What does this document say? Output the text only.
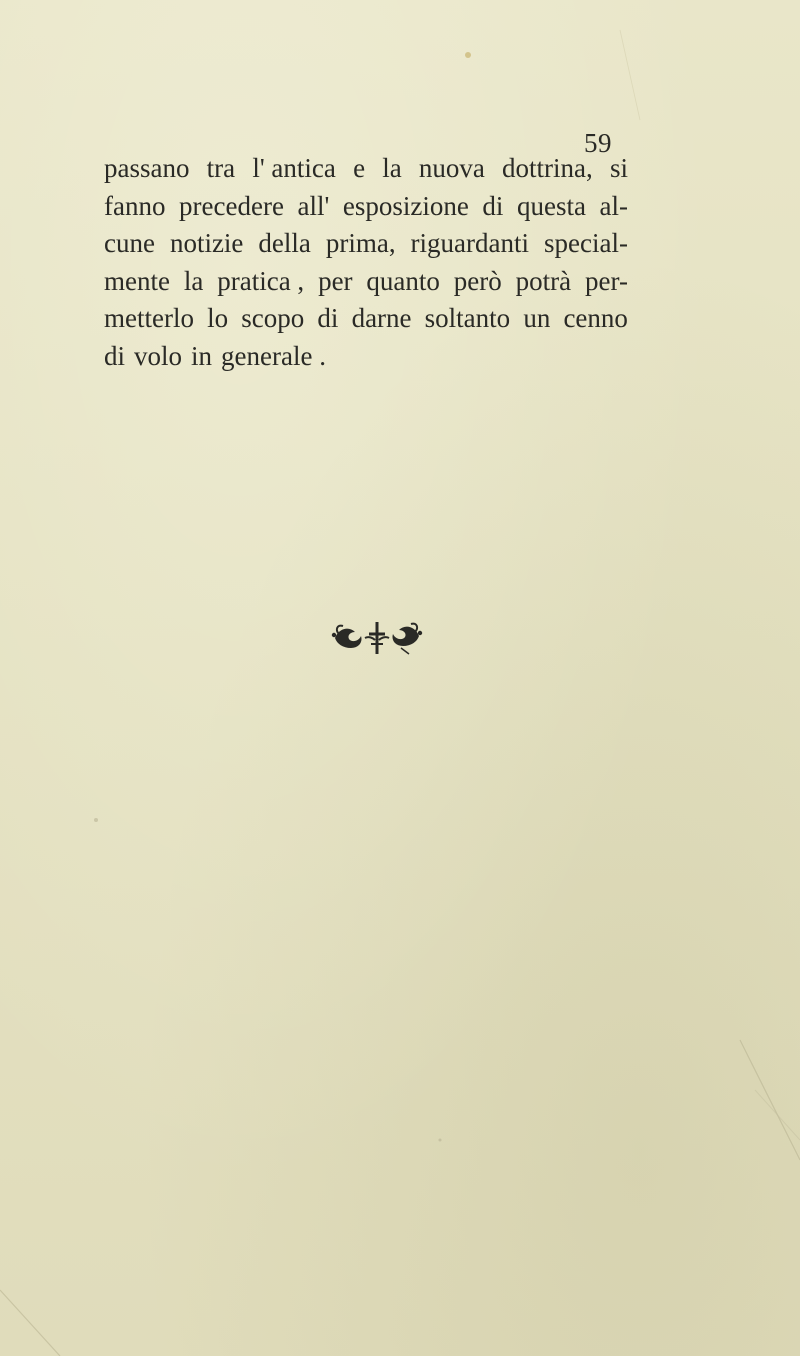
59
passano tra l' antica e la nuova dottrina, si
fanno precedere all' esposizione di questa al-
cune notizie della prima, riguardanti special-
mente la pratica , per quanto però potrà per-
metterlo lo scopo di darne soltanto un cenno
di volo in generale .
